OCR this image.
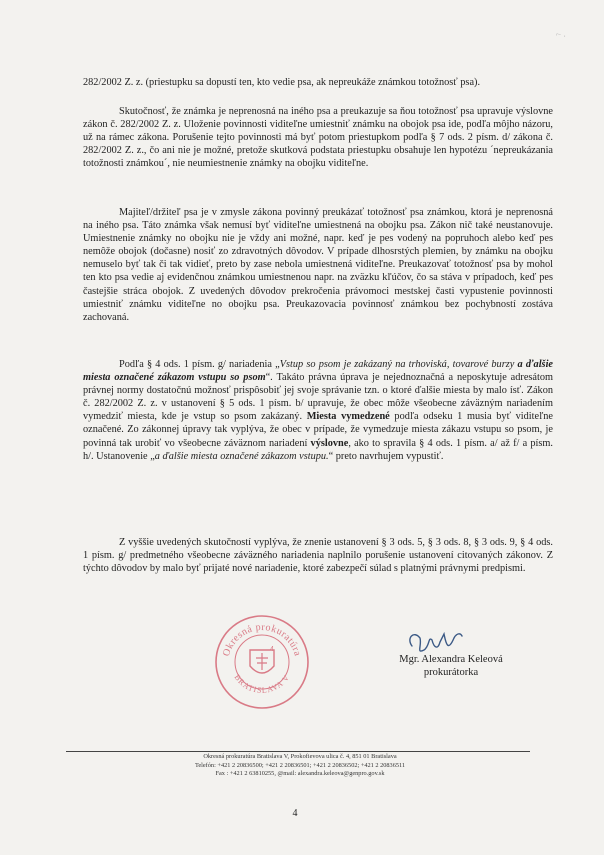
⌐ ·

282/2002 Z. z. (priestupku sa dopustí ten, kto vedie psa, ak nepreukáže známkou totožnosť psa).

Skutočnosť, že známka je neprenosná na iného psa a preukazuje sa ňou totožnosť psa upravuje výslovne zákon č. 282/2002 Z. z. Uloženie povinnosti viditeľne umiestniť známku na obojok psa ide, podľa môjho názoru, už na rámec zákona. Porušenie tejto povinnosti má byť potom priestupkom podľa § 7 ods. 2 písm. d/ zákona č. 282/2002 Z. z., čo ani nie je možné, pretože skutková podstata priestupku obsahuje len hypotézu ´nepreukázania totožnosti známkou´, nie neumiestnenie známky na obojku viditeľne.

Majiteľ/držiteľ psa je v zmysle zákona povinný preukázať totožnosť psa známkou, ktorá je neprenosná na iného psa. Táto známka však nemusí byť viditeľne umiestnená na obojku psa. Zákon nič také neustanovuje. Umiestnenie známky no obojku nie je vždy ani možné, napr. keď je pes vodený na popruhoch alebo keď pes nemôže obojok (dočasne) nosiť zo zdravotných dôvodov. V prípade dlhosrstých plemien, by známku na obojku nemuselo byť tak či tak vidieť, preto by zase nebola umiestnená viditeľne. Preukazovať totožnosť psa by mohol ten kto psa vedie aj evidenčnou známkou umiestnenou napr. na zväzku kľúčov, čo sa stáva v prípadoch, keď pes častejšie stráca obojok. Z uvedených dôvodov prekročenia právomoci mestskej časti vypustenie povinnosti umiestniť známku viditeľne no obojku psa. Preukazovacia povinnosť známkou bez pochybností zostáva zachovaná.

Podľa § 4 ods. 1 písm. g/ nariadenia „Vstup so psom je zakázaný na trhoviská, tovarové burzy a ďalšie miesta označené zákazom vstupu so psom“. Takáto právna úprava je nejednoznačná a neposkytuje adresátom právnej normy dostatočnú možnosť prispôsobiť jej svoje správanie tzn. o ktoré ďalšie miesta by malo ísť. Zákon č. 282/2002 Z. z. v ustanovení § 5 ods. 1 písm. b/ upravuje, že obec môže všeobecne záväzným nariadením vymedziť miesta, kde je vstup so psom zakázaný. Miesta vymedzené podľa odseku 1 musia byť viditeľne označené. Zo zákonnej úpravy tak vyplýva, že obec v prípade, že vymedzuje miesta zákazu vstupu so psom, je povinná tak urobiť vo všeobecne záväznom nariadení výslovne, ako to spravila § 4 ods. 1 písm. a/ až f/ a písm. h/. Ustanovenie „a ďalšie miesta označené zákazom vstupu.“ preto navrhujem vypustiť.

Z vyššie uvedených skutočností vyplýva, že znenie ustanovení § 3 ods. 5, § 3 ods. 8, § 3 ods. 9, § 4 ods. 1 písm. g/ predmetného všeobecne záväzného nariadenia naplnilo porušenie ustanovení citovaných zákonov. Z týchto dôvodov by malo byť prijaté nové nariadenie, ktoré zabezpečí súlad s platnými právnymi predpismi.

Okresná prokuratúra
BRATISLAVA V
4
Mgr. Alexandra Keleová
prokurátorka
Okresná prokuratúra Bratislava V, Prokofievova ulica č. 4, 851 01 Bratislava
Telefón: +421 2 20836500; +421 2 20836501; +421 2 20836502; +421 2 20836511
Fax : +421 2 63810255, @mail: alexandra.keleova@genpro.gov.sk
4
